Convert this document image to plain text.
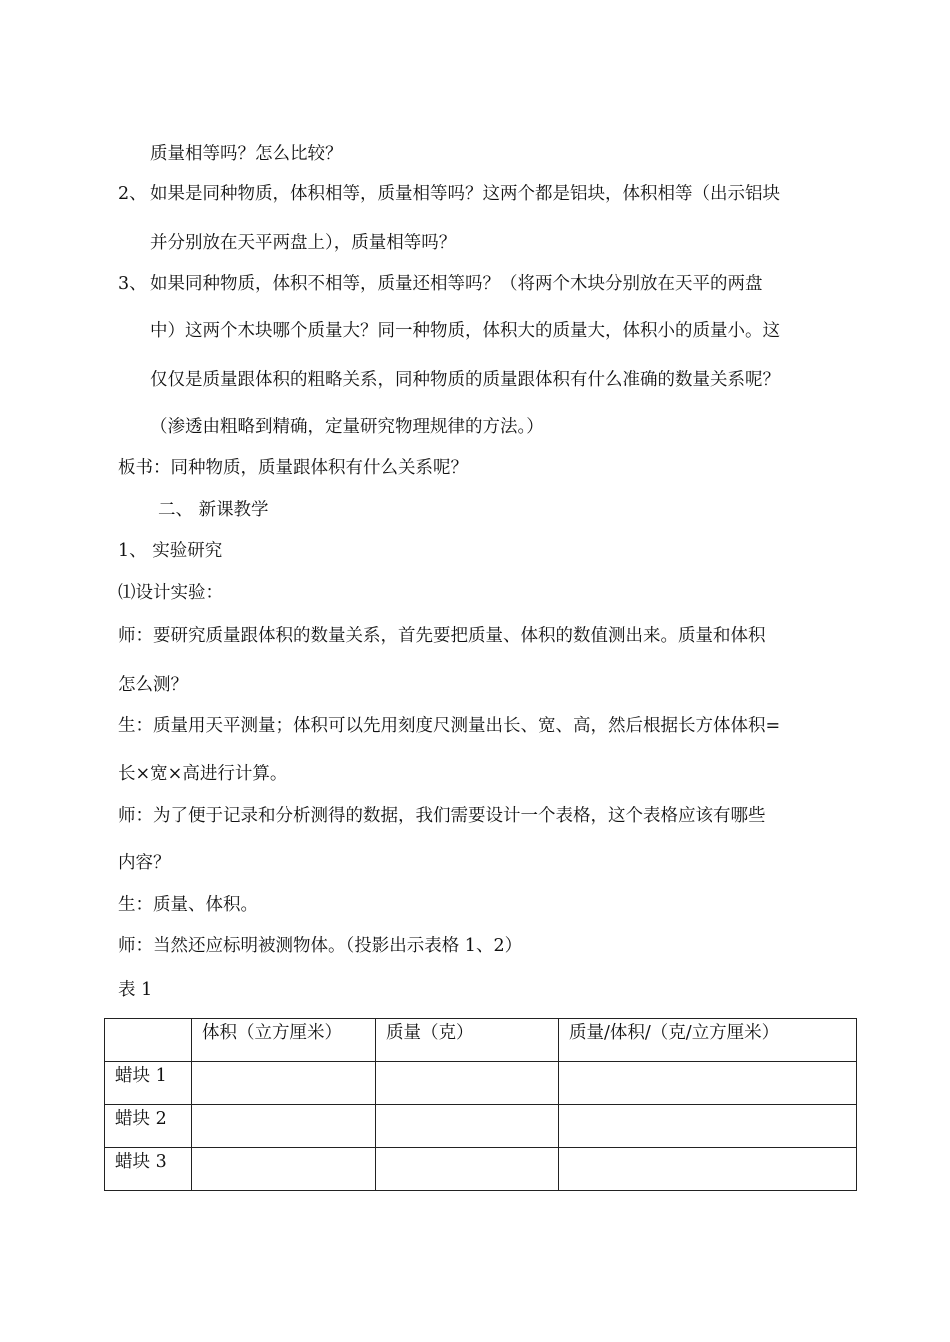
质量相等吗？怎么比较？
2、 如果是同种物质，体积相等，质量相等吗？这两个都是铝块，体积相等（出示铝块
并分别放在天平两盘上），质量相等吗？
3、 如果同种物质，体积不相等，质量还相等吗？（将两个木块分别放在天平的两盘
中）这两个木块哪个质量大？同一种物质，体积大的质量大，体积小的质量小。这
仅仅是质量跟体积的粗略关系，同种物质的质量跟体积有什么准确的数量关系呢？
（渗透由粗略到精确，定量研究物理规律的方法。）
板书：同种物质，质量跟体积有什么关系呢？
二、 新课教学
1、 实验研究
⑴设计实验：
师：要研究质量跟体积的数量关系，首先要把质量、体积的数值测出来。质量和体积
怎么测？
生：质量用天平测量；体积可以先用刻度尺测量出长、宽、高，然后根据长方体体积=
长×宽×高进行计算。
师：为了便于记录和分析测得的数据，我们需要设计一个表格，这个表格应该有哪些
内容？
生：质量、体积。
师：当然还应标明被测物体。（投影出示表格 1、2）
表 1
	体积（立方厘米）	质量（克）	质量/体积/（克/立方厘米）
蜡块 1			
蜡块 2			
蜡块 3			
